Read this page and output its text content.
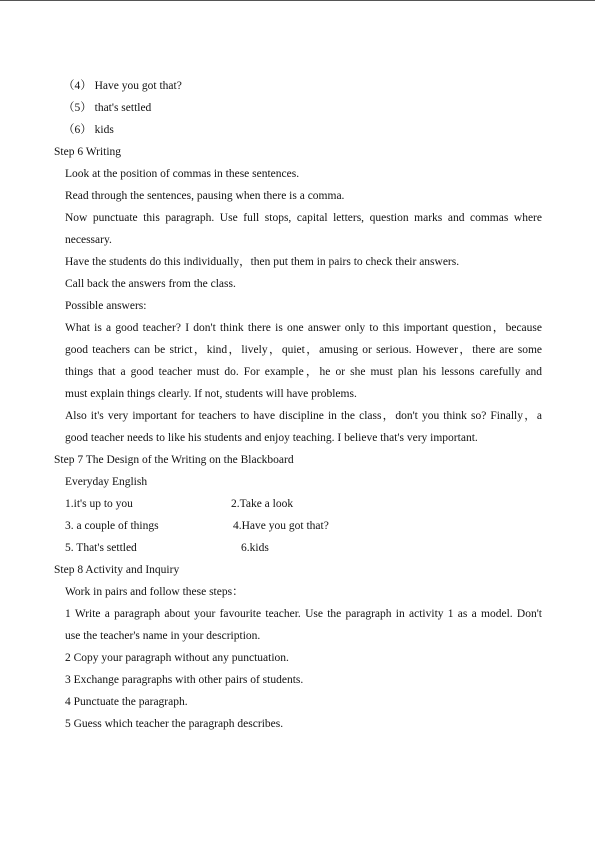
（4） Have you got that?
（5） that's settled
（6） kids
Step 6 Writing
Look at the position of commas in these sentences.
Read through the sentences, pausing when there is a comma.
Now punctuate this paragraph. Use full stops, capital letters, question marks and commas where
necessary.
Have the students do this individually，then put them in pairs to check their answers.
Call back the answers from the class.
Possible answers:
What is a good teacher? I don't think there is one answer only to this important question，because
good teachers can be strict，kind，lively，quiet，amusing or serious. However，there are some
things that a good teacher must do. For example，he or she must plan his lessons carefully and
must explain things clearly. If not, students will have problems.
Also it's very important for teachers to have discipline in the class，don't you think so? Finally，a
good teacher needs to like his students and enjoy teaching. I believe that's very important.
Step 7 The Design of the Writing on the Blackboard
Everyday English
1.it's up to you	2.Take a look
3. a couple of things	4.Have you got that?
5. That's settled	6.kids
Step 8 Activity and Inquiry
Work in pairs and follow these steps：
1 Write a paragraph about your favourite teacher. Use the paragraph in activity 1 as a model. Don't
use the teacher's name in your description.
2 Copy your paragraph without any punctuation.
3 Exchange paragraphs with other pairs of students.
4 Punctuate the paragraph.
5 Guess which teacher the paragraph describes.
